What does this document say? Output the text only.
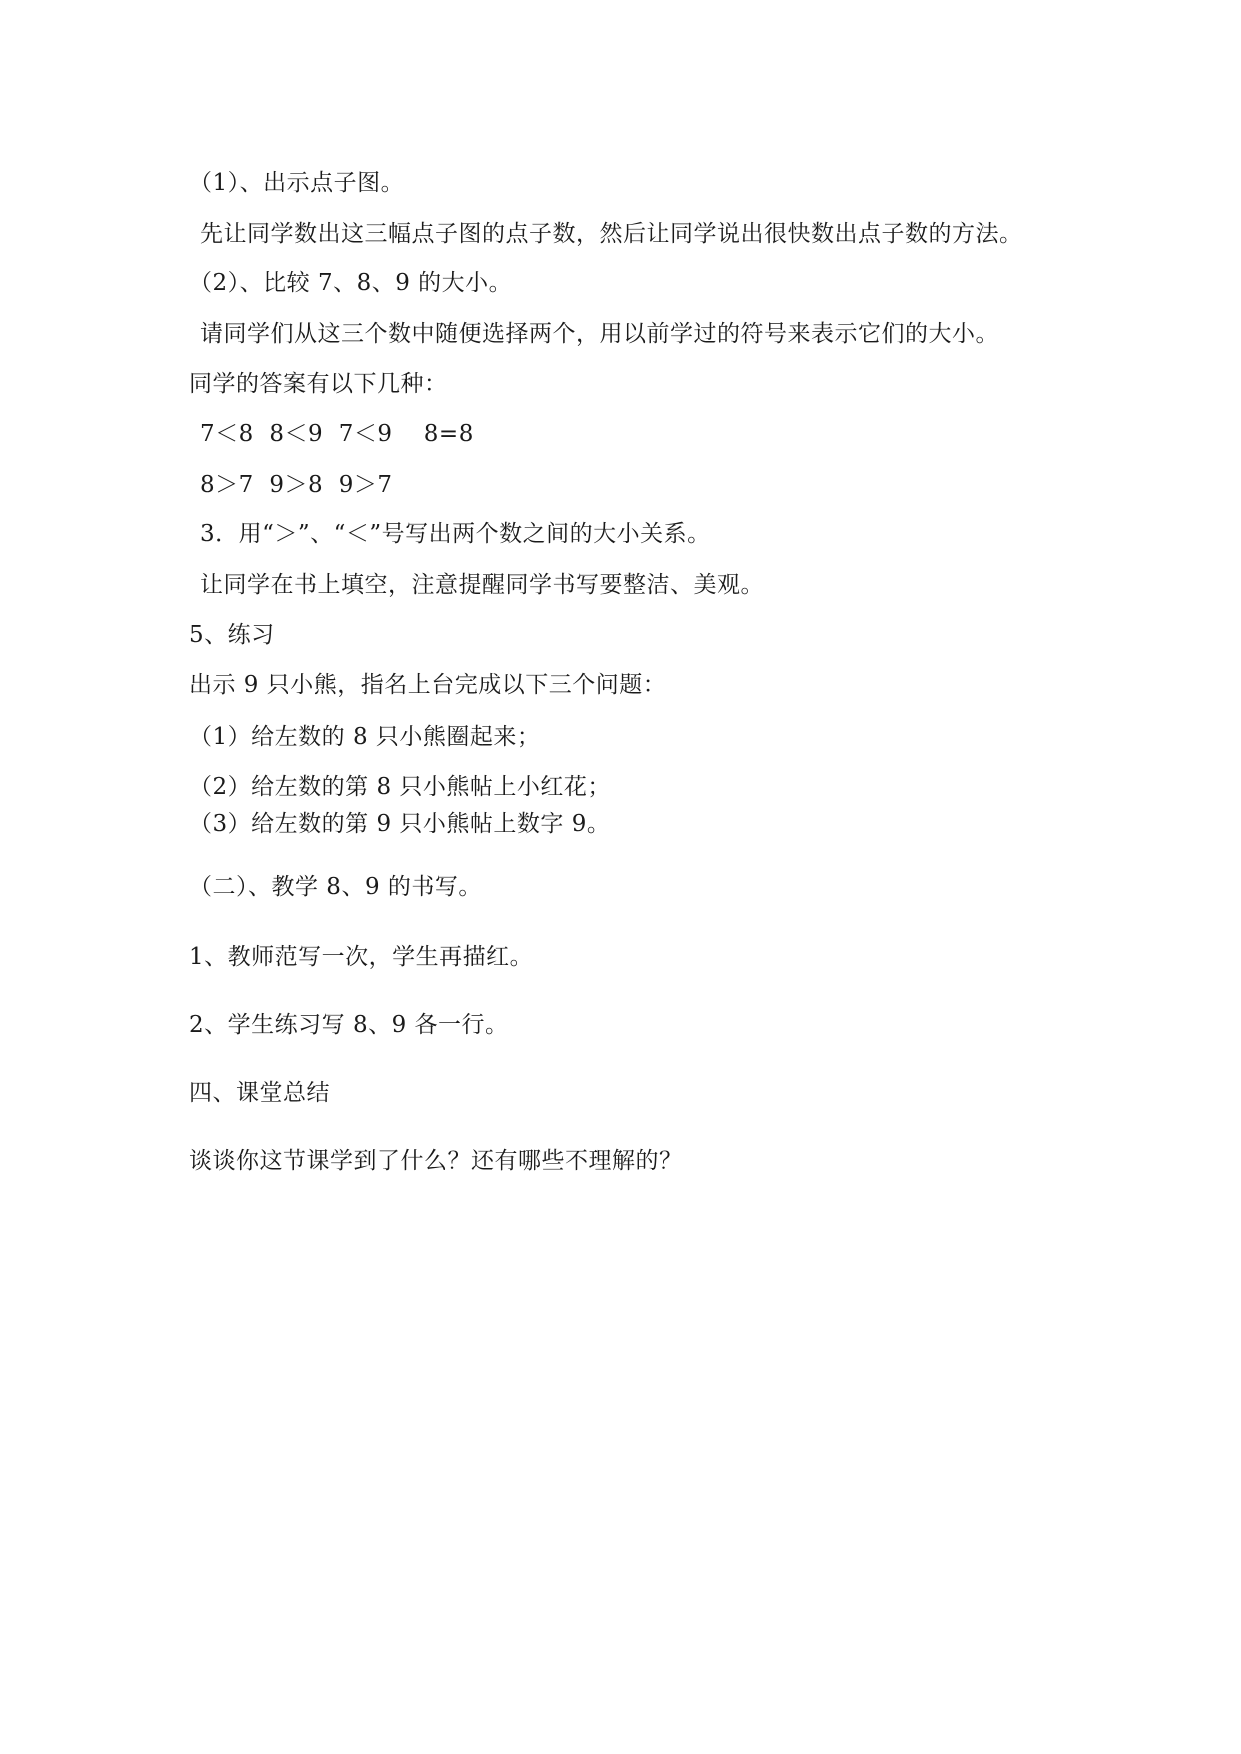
（1）、出示点子图。
先让同学数出这三幅点子图的点子数，然后让同学说出很快数出点子数的方法。
（2）、比较 7、8、9 的大小。
请同学们从这三个数中随便选择两个，用以前学过的符号来表示它们的大小。
同学的答案有以下几种：
7＜8  8＜9  7＜9    8=8
8＞7  9＞8  9＞7
3．用“＞”、“＜”号写出两个数之间的大小关系。
让同学在书上填空，注意提醒同学书写要整洁、美观。
5、练习
出示 9 只小熊，指名上台完成以下三个问题：
（1）给左数的 8 只小熊圈起来；
（2）给左数的第 8 只小熊帖上小红花；
（3）给左数的第 9 只小熊帖上数字 9。
（二）、教学 8、9 的书写。
1、教师范写一次，学生再描红。
2、学生练习写 8、9 各一行。
四、课堂总结
谈谈你这节课学到了什么？还有哪些不理解的？
